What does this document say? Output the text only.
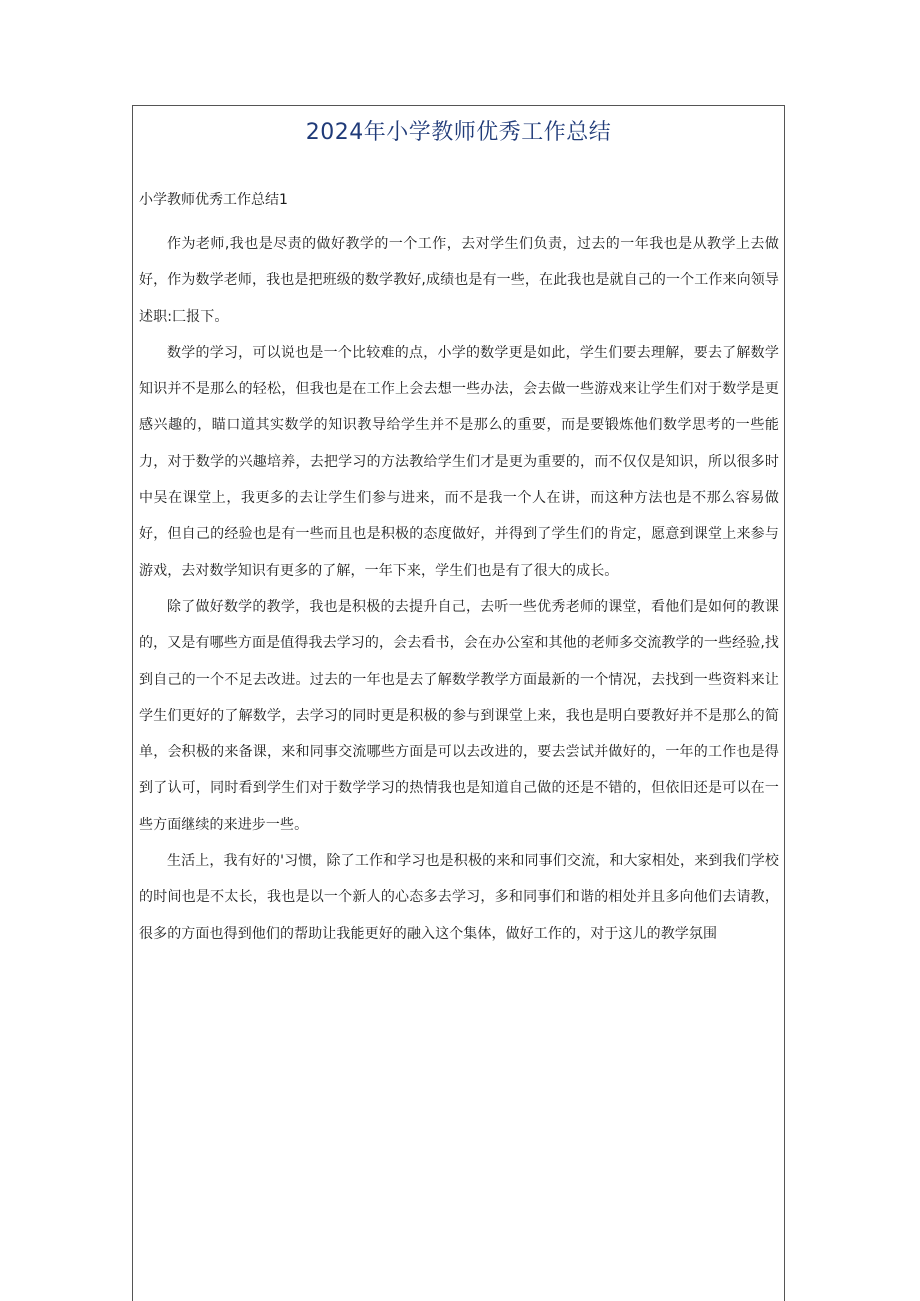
2024年小学教师优秀工作总结
小学教师优秀工作总结1

作为老师,我也是尽责的做好教学的一个工作，去对学生们负责，过去的一年我也是从教学上去做好，作为数学老师，我也是把班级的数学教好,成绩也是有一些，在此我也是就自己的一个工作来向领导述职:匚报下。

数学的学习，可以说也是一个比较难的点，小学的数学更是如此，学生们要去理解，要去了解数学知识并不是那么的轻松，但我也是在工作上会去想一些办法，会去做一些游戏来让学生们对于数学是更感兴趣的，瞄口道其实数学的知识教导给学生并不是那么的重要，而是要锻炼他们数学思考的一些能力，对于数学的兴趣培养，去把学习的方法教给学生们才是更为重要的，而不仅仅是知识，所以很多时中吴在课堂上，我更多的去让学生们参与进来，而不是我一个人在讲，而这种方法也是不那么容易做好，但自己的经验也是有一些而且也是积极的态度做好，并得到了学生们的肯定，愿意到课堂上来参与游戏，去对数学知识有更多的了解，一年下来，学生们也是有了很大的成长。

除了做好数学的教学，我也是积极的去提升自己，去听一些优秀老师的课堂，看他们是如何的教课的，又是有哪些方面是值得我去学习的，会去看书，会在办公室和其他的老师多交流教学的一些经验,找到自己的一个不足去改进。过去的一年也是去了解数学教学方面最新的一个情况，去找到一些资料来让学生们更好的了解数学，去学习的同时更是积极的参与到课堂上来，我也是明白要教好并不是那么的简单，会积极的来备课，来和同事交流哪些方面是可以去改进的，要去尝试并做好的，一年的工作也是得到了认可，同时看到学生们对于数学学习的热情我也是知道自己做的还是不错的，但依旧还是可以在一些方面继续的来进步一些。

生活上，我有好的'习惯，除了工作和学习也是积极的来和同事们交流，和大家相处，来到我们学校的时间也是不太长，我也是以一个新人的心态多去学习，多和同事们和谐的相处并且多向他们去请教，很多的方面也得到他们的帮助让我能更好的融入这个集体，做好工作的，对于这儿的教学氛围
